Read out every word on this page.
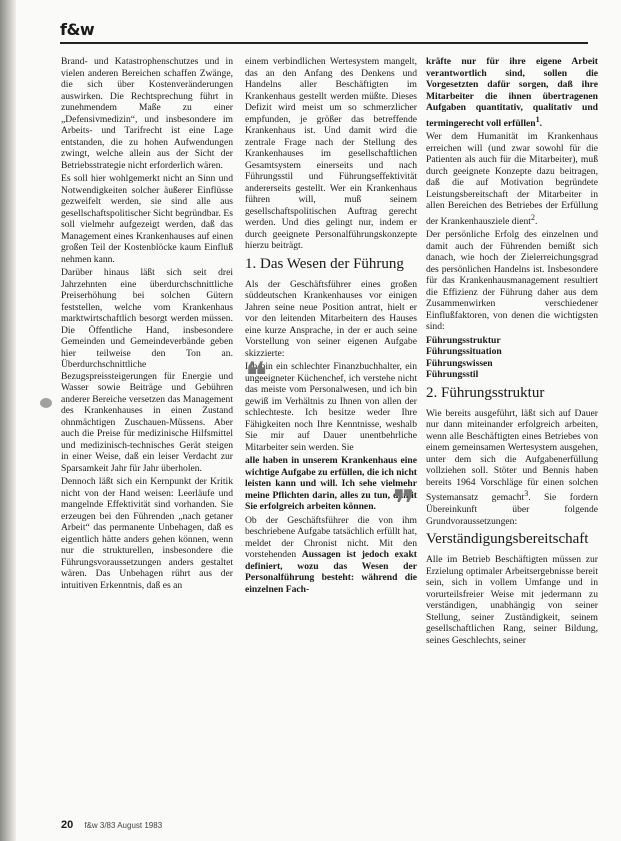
f&w

Brand- und Katastrophenschutzes und in vielen anderen Bereichen schaffen Zwänge, die sich über Kostenveränderungen auswirken. Die Rechtsprechung führt in zunehmendem Maße zu einer „Defensivmedizin“, und insbesondere im Arbeits- und Tarifrecht ist eine Lage entstanden, die zu hohen Aufwendungen zwingt, welche allein aus der Sicht der Betriebsstrategie nicht erforderlich wären.

Es soll hier wohlgemerkt nicht an Sinn und Notwendigkeiten solcher äußerer Einflüsse gezweifelt werden, sie sind alle aus gesellschaftspolitischer Sicht begründbar. Es soll vielmehr aufgezeigt werden, daß das Management eines Krankenhauses auf einen großen Teil der Kostenblöcke kaum Einfluß nehmen kann.

Darüber hinaus läßt sich seit drei Jahrzehnten eine überdurchschnittliche Preiserhöhung bei solchen Gütern feststellen, welche vom Krankenhaus marktwirtschaftlich besorgt werden müssen. Die Öffentliche Hand, insbesondere Gemeinden und Gemeindeverbände geben hier teilweise den Ton an. Überdurchschnittliche Bezugspreissteigerungen für Energie und Wasser sowie Beiträge und Gebühren anderer Bereiche versetzen das Management des Krankenhauses in einen Zustand ohnmächtigen Zuschauen-Müssens. Aber auch die Preise für medizinische Hilfsmittel und medizinisch-technisches Gerät steigen in einer Weise, daß ein leiser Verdacht zur Sparsamkeit Jahr für Jahr überholen.

Dennoch läßt sich ein Kernpunkt der Kritik nicht von der Hand weisen: Leerläufe und mangelnde Effektivität sind vorhanden. Sie erzeugen bei den Führenden „nach getaner Arbeit“ das permanente Unbehagen, daß es eigentlich hätte anders gehen können, wenn nur die strukturellen, insbesondere die Führungsvoraussetzungen anders gestaltet wären. Das Unbehagen rührt aus der intuitiven Erkenntnis, daß es an

einem verbindlichen Wertesystem mangelt, das an den Anfang des Denkens und Handelns aller Beschäftigten im Krankenhaus gestellt werden müßte. Dieses Defizit wird meist um so schmerzlicher empfunden, je größer das betreffende Krankenhaus ist. Und damit wird die zentrale Frage nach der Stellung des Krankenhauses im gesellschaftlichen Gesamtsystem einerseits und nach Führungsstil und Führungseffektivität andererseits gestellt. Wer ein Krankenhaus führen will, muß seinem gesellschaftspolitischen Auftrag gerecht werden. Und dies gelingt nur, indem er durch geeignete Personalführungskonzepte hierzu beiträgt.

1. Das Wesen der Führung

Als der Geschäftsführer eines großen süddeutschen Krankenhauses vor einigen Jahren seine neue Position antrat, hielt er vor den leitenden Mitarbeitern des Hauses eine kurze Ansprache, in der er auch seine Vorstellung von seiner eigenen Aufgabe skizzierte:

❝

Ich bin ein schlechter Finanzbuchhalter, ein ungeeigneter Küchenchef, ich verstehe nicht das meiste vom Personalwesen, und ich bin gewiß im Verhältnis zu Ihnen von allen der schlechteste. Ich besitze weder Ihre Fähigkeiten noch Ihre Kenntnisse, weshalb Sie mir auf Dauer unentbehrliche Mitarbeiter sein werden. Sie

alle haben in unserem Krankenhaus eine wichtige Aufgabe zu erfüllen, die ich nicht leisten kann und will. Ich sehe vielmehr meine Pflichten darin, alles zu tun, damit Sie erfolgreich arbeiten können. ❞

Ob der Geschäftsführer die von ihm beschriebene Aufgabe tatsächlich erfüllt hat, meldet der Chronist nicht. Mit den vorstehenden Aussagen ist jedoch exakt definiert, wozu das Wesen der Personalführung besteht: während die einzelnen Fach-

kräfte nur für ihre eigene Arbeit verantwortlich sind, sollen die Vorgesetzten dafür sorgen, daß ihre Mitarbeiter die ihnen übertragenen Aufgaben quantitativ, qualitativ und termingerecht voll erfüllen$^1$.

Wer dem Humanität im Krankenhaus erreichen will (und zwar sowohl für die Patienten als auch für die Mitarbeiter), muß durch geeignete Konzepte dazu beitragen, daß die auf Motivation begründete Leistungsbereitschaft der Mitarbeiter in allen Bereichen des Betriebes der Erfüllung der Krankenhausziele dient$^2$.

Der persönliche Erfolg des einzelnen und damit auch der Führenden bemißt sich danach, wie hoch der Zielerreichungsgrad des persönlichen Handelns ist. Insbesondere für das Krankenhausmanagement resultiert die Effizienz der Führung daher aus dem Zusammenwirken verschiedener Einflußfaktoren, von denen die wichtigsten sind:

Führungsstruktur
Führungssituation
Führungswissen
Führungsstil
2. Führungsstruktur

Wie bereits ausgeführt, läßt sich auf Dauer nur dann miteinander erfolgreich arbeiten, wenn alle Beschäftigten eines Betriebes von einem gemeinsamen Wertesystem ausgehen, unter dem sich die Aufgabenerfüllung vollziehen soll. Stöter und Bennis haben bereits 1964 Vorschläge für einen solchen Systemansatz gemacht$^3$. Sie fordern Übereinkunft über folgende Grundvoraussetzungen:

Verständigungsbereitschaft

Alle im Betrieb Beschäftigten müssen zur Erzielung optimaler Arbeitsergebnisse bereit sein, sich in vollem Umfange und in vorurteilsfreier Weise mit jedermann zu verständigen, unabhängig von seiner Stellung, seiner Zuständigkeit, seinem gesellschaftlichen Rang, seiner Bildung, seines Geschlechts, seiner

20 f&w 3/83 August 1983
